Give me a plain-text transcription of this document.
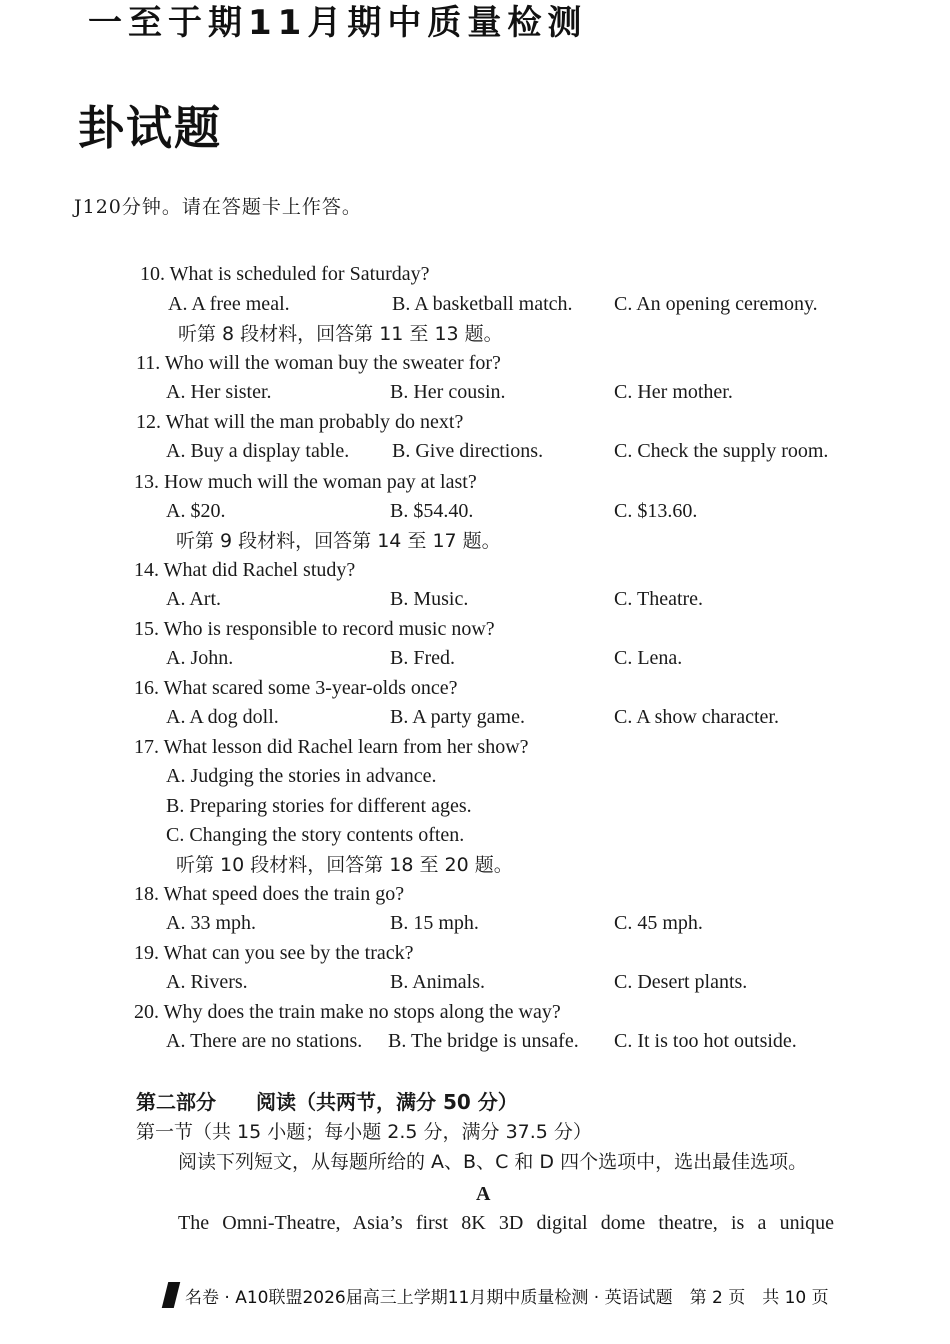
一至于期11月期中质量检测
卦试题
J120分钟。请在答题卡上作答。
10. What is scheduled for Saturday?
A. A free meal.	B. A basketball match. C. An opening ceremony.
听第 8 段材料，回答第 11 至 13 题。
11. Who will the woman buy the sweater for?
A. Her sister.	B. Her cousin.	C. Her mother.
12. What will the man probably do next?
A. Buy a display table. B. Give directions.	C. Check the supply room.
13. How much will the woman pay at last?
A. $20.	B. $54.40.	C. $13.60.
听第 9 段材料，回答第 14 至 17 题。
14. What did Rachel study?
A. Art.	B. Music.	C. Theatre.
15. Who is responsible to record music now?
A. John.	B. Fred.	C. Lena.
16. What scared some 3-year-olds once?
A. A dog doll.	B. A party game.	C. A show character.
17. What lesson did Rachel learn from her show?
A. Judging the stories in advance.
B. Preparing stories for different ages.
C. Changing the story contents often.
听第 10 段材料，回答第 18 至 20 题。
18. What speed does the train go?
A. 33 mph.	B. 15 mph.	C. 45 mph.
19. What can you see by the track?
A. Rivers.	B. Animals.	C. Desert plants.
20. Why does the train make no stops along the way?
A. There are no stations. B. The bridge is unsafe. C. It is too hot outside.
第二部分　　阅读（共两节，满分 50 分）
第一节（共 15 小题；每小题 2.5 分，满分 37.5 分）
阅读下列短文，从每题所给的 A、B、C 和 D 四个选项中，选出最佳选项。
A
The Omni-Theatre, Asia’s first 8K 3D digital dome theatre, is a unique
名卷 · A10联盟2026届高三上学期11月期中质量检测 · 英语试题　第 2 页　共 10 页
